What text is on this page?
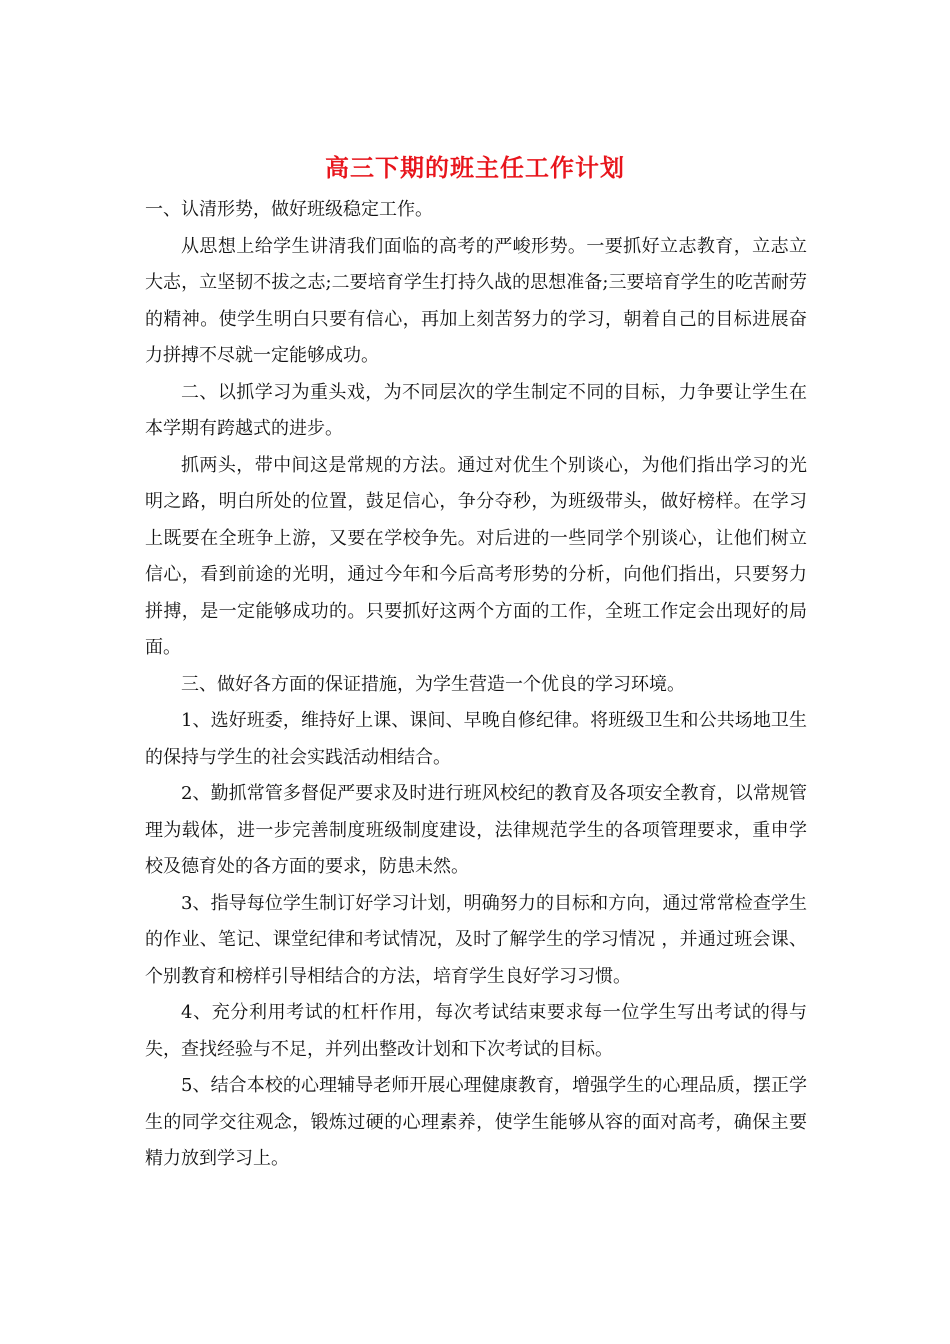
高三下期的班主任工作计划

一、认清形势，做好班级稳定工作。

从思想上给学生讲清我们面临的高考的严峻形势。一要抓好立志教育，立志立大志，立坚韧不拔之志;二要培育学生打持久战的思想准备;三要培育学生的吃苦耐劳的精神。使学生明白只要有信心，再加上刻苦努力的学习，朝着自己的目标进展奋力拼搏不尽就一定能够成功。

二、以抓学习为重头戏，为不同层次的学生制定不同的目标，力争要让学生在本学期有跨越式的进步。

抓两头，带中间这是常规的方法。通过对优生个别谈心，为他们指出学习的光明之路，明白所处的位置，鼓足信心，争分夺秒，为班级带头，做好榜样。在学习上既要在全班争上游，又要在学校争先。对后进的一些同学个别谈心，让他们树立信心，看到前途的光明，通过今年和今后高考形势的分析，向他们指出，只要努力拼搏，是一定能够成功的。只要抓好这两个方面的工作，全班工作定会出现好的局面。

三、做好各方面的保证措施，为学生营造一个优良的学习环境。

1、选好班委，维持好上课、课间、早晚自修纪律。将班级卫生和公共场地卫生的保持与学生的社会实践活动相结合。

2、勤抓常管多督促严要求及时进行班风校纪的教育及各项安全教育，以常规管理为载体，进一步完善制度班级制度建设，法律规范学生的各项管理要求，重申学校及德育处的各方面的要求，防患未然。

3、指导每位学生制订好学习计划，明确努力的目标和方向，通过常常检查学生的作业、笔记、课堂纪律和考试情况，及时了解学生的学习情况 ，并通过班会课、个别教育和榜样引导相结合的方法，培育学生良好学习习惯。

4、充分利用考试的杠杆作用，每次考试结束要求每一位学生写出考试的得与失，查找经验与不足，并列出整改计划和下次考试的目标。

5、结合本校的心理辅导老师开展心理健康教育，增强学生的心理品质，摆正学生的同学交往观念，锻炼过硬的心理素养，使学生能够从容的面对高考，确保主要精力放到学习上。
